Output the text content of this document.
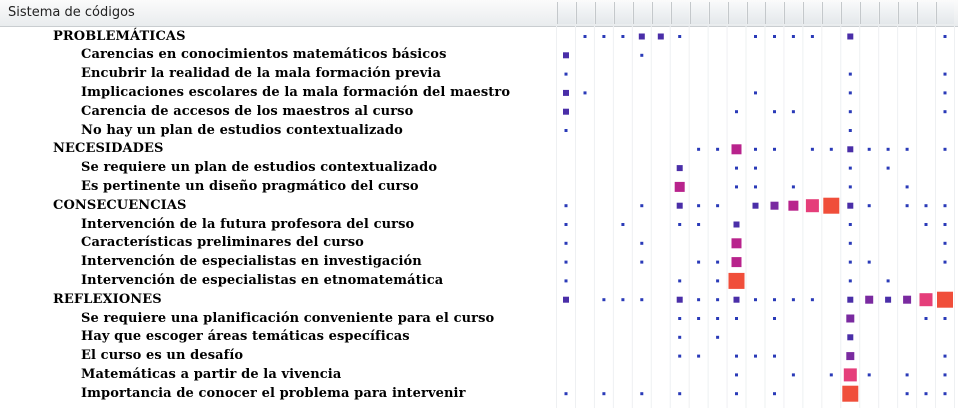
Sistema de códigos
PROBLEMÁTICAS
Carencias en conocimientos matemáticos básicos
Encubrir la realidad de la mala formación previa
Implicaciones escolares de la mala formación del maestro
Carencia de accesos de los maestros al curso
No hay un plan de estudios contextualizado
NECESIDADES
Se requiere un plan de estudios contextualizado
Es pertinente un diseño pragmático del curso
CONSECUENCIAS
Intervención de la futura profesora del curso
Características preliminares del curso
Intervención de especialistas en investigación
Intervención de especialistas en etnomatemática
REFLEXIONES
Se requiere una planificación conveniente para el curso
Hay que escoger áreas temáticas específicas
El curso es un desafío
Matemáticas a partir de la vivencia
Importancia de conocer el problema para intervenir
